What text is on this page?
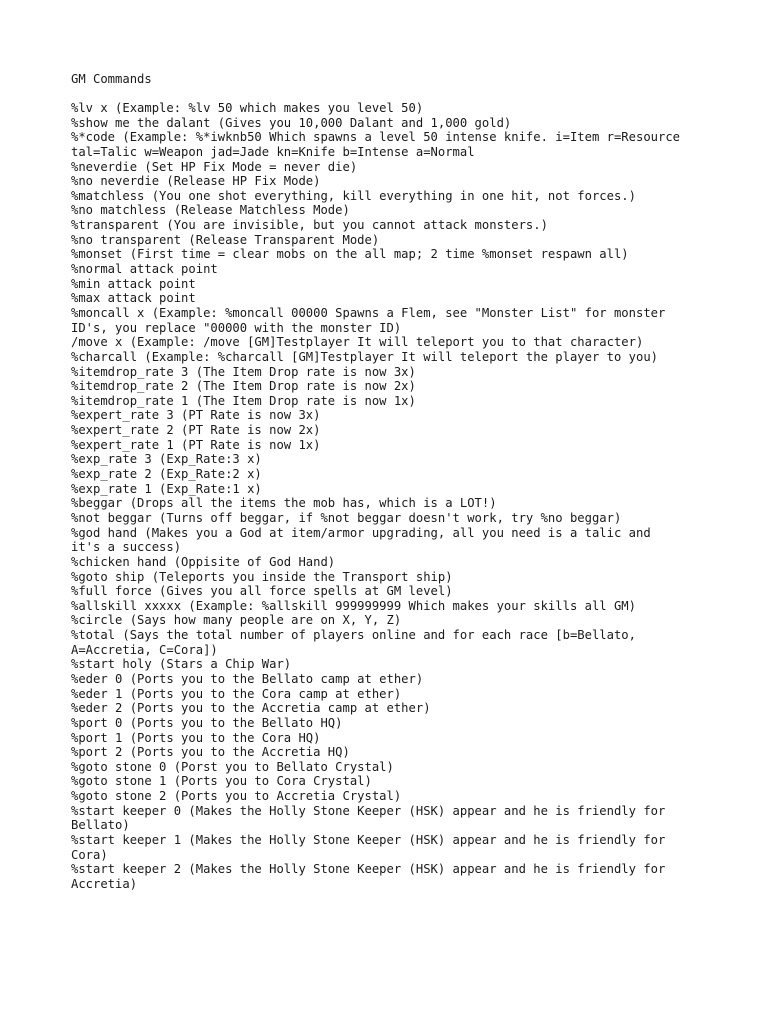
GM Commands
%lv x (Example: %lv 50 which makes you level 50)
%show me the dalant (Gives you 10,000 Dalant and 1,000 gold)
%*code (Example: %*iwknb50 Which spawns a level 50 intense knife. i=Item r=Resource
tal=Talic w=Weapon jad=Jade kn=Knife b=Intense a=Normal
%neverdie (Set HP Fix Mode = never die)
%no neverdie (Release HP Fix Mode)
%matchless (You one shot everything, kill everything in one hit, not forces.)
%no matchless (Release Matchless Mode)
%transparent (You are invisible, but you cannot attack monsters.)
%no transparent (Release Transparent Mode)
%monset (First time = clear mobs on the all map; 2 time %monset respawn all)
%normal attack point
%min attack point
%max attack point
%moncall x (Example: %moncall 00000 Spawns a Flem, see "Monster List" for monster
ID's, you replace "00000 with the monster ID)
/move x (Example: /move [GM]Testplayer It will teleport you to that character)
%charcall (Example: %charcall [GM]Testplayer It will teleport the player to you)
%itemdrop_rate 3 (The Item Drop rate is now 3x)
%itemdrop_rate 2 (The Item Drop rate is now 2x)
%itemdrop_rate 1 (The Item Drop rate is now 1x)
%expert_rate 3 (PT Rate is now 3x)
%expert_rate 2 (PT Rate is now 2x)
%expert_rate 1 (PT Rate is now 1x)
%exp_rate 3 (Exp_Rate:3 x)
%exp_rate 2 (Exp_Rate:2 x)
%exp_rate 1 (Exp_Rate:1 x)
%beggar (Drops all the items the mob has, which is a LOT!)
%not beggar (Turns off beggar, if %not beggar doesn't work, try %no beggar)
%god hand (Makes you a God at item/armor upgrading, all you need is a talic and
it's a success)
%chicken hand (Oppisite of God Hand)
%goto ship (Teleports you inside the Transport ship)
%full force (Gives you all force spells at GM level)
%allskill xxxxx (Example: %allskill 999999999 Which makes your skills all GM)
%circle (Says how many people are on X, Y, Z)
%total (Says the total number of players online and for each race [b=Bellato,
A=Accretia, C=Cora])
%start holy (Stars a Chip War)
%eder 0 (Ports you to the Bellato camp at ether)
%eder 1 (Ports you to the Cora camp at ether)
%eder 2 (Ports you to the Accretia camp at ether)
%port 0 (Ports you to the Bellato HQ)
%port 1 (Ports you to the Cora HQ)
%port 2 (Ports you to the Accretia HQ)
%goto stone 0 (Porst you to Bellato Crystal)
%goto stone 1 (Ports you to Cora Crystal)
%goto stone 2 (Ports you to Accretia Crystal)
%start keeper 0 (Makes the Holly Stone Keeper (HSK) appear and he is friendly for
Bellato)
%start keeper 1 (Makes the Holly Stone Keeper (HSK) appear and he is friendly for
Cora)
%start keeper 2 (Makes the Holly Stone Keeper (HSK) appear and he is friendly for
Accretia)
